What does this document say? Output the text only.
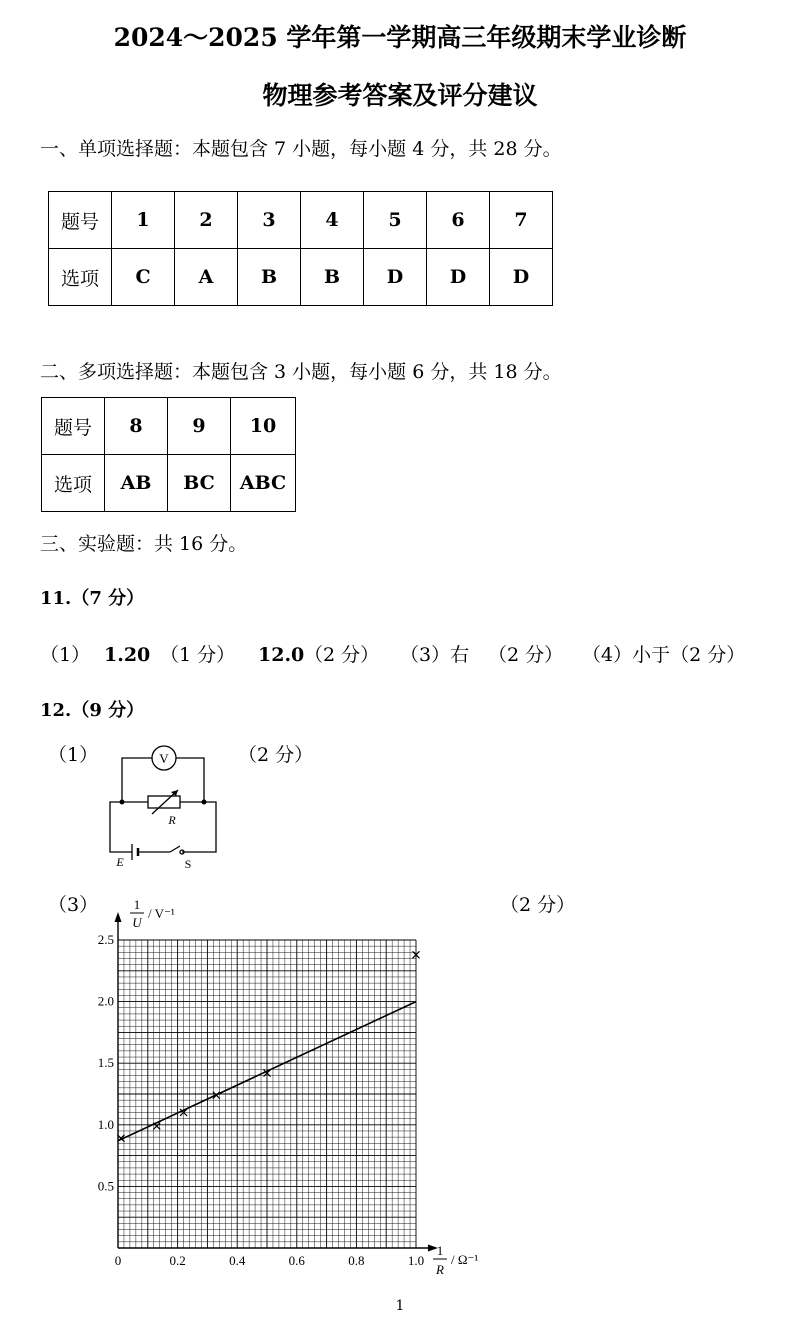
2024～2025 学年第一学期高三年级期末学业诊断
物理参考答案及评分建议
一、单项选择题：本题包含 7 小题，每小题 4 分，共 28 分。
题号	1	2	3	4	5	6	7
选项	C	A	B	B	D	D	D
二、多项选择题：本题包含 3 小题，每小题 6 分，共 18 分。
题号	8	9	10
选项	AB	BC	ABC
三、实验题：共 16 分。
11.（7 分）
（1） 1.20 （1 分） 12.0（2 分） （3）右 （2 分） （4）小于（2 分）
12.（9 分）
（1）	（2 分）
V
R
E	S
（3）	（2 分）
0	0.2	0.4	0.6	0.8	1.0
0.5
1.0
1.5
2.0
2.5
1
U
/ V⁻¹
1
R
/ Ω⁻¹
1
